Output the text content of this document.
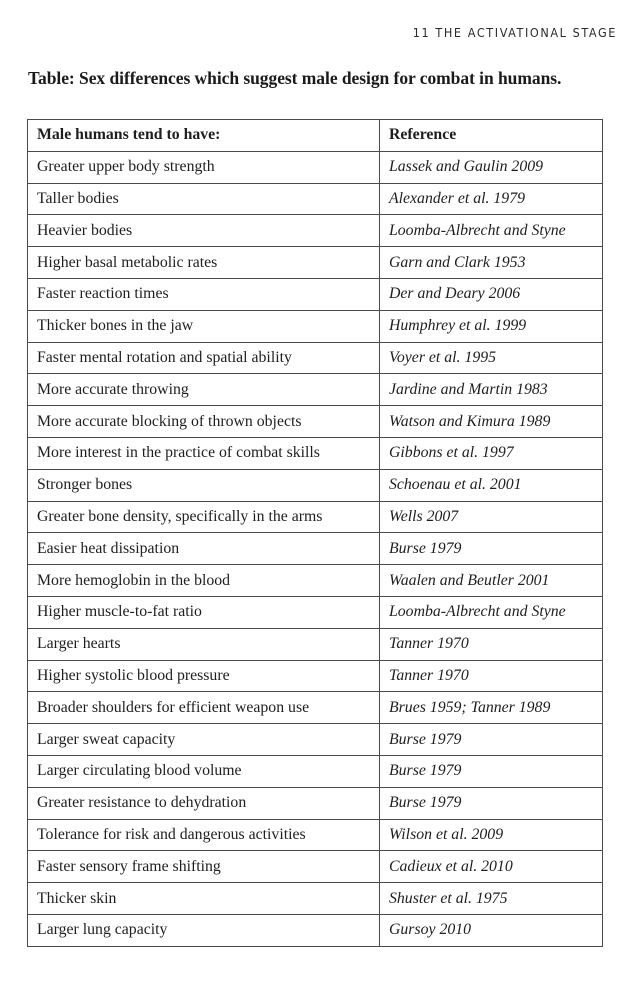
11 THE ACTIVATIONAL STAGE
Table: Sex differences which suggest male design for combat in humans.
Male humans tend to have:	Reference
Greater upper body strength	Lassek and Gaulin 2009
Taller bodies	Alexander et al. 1979
Heavier bodies	Loomba-Albrecht and Styne
Higher basal metabolic rates	Garn and Clark 1953
Faster reaction times	Der and Deary 2006
Thicker bones in the jaw	Humphrey et al. 1999
Faster mental rotation and spatial ability	Voyer et al. 1995
More accurate throwing	Jardine and Martin 1983
More accurate blocking of thrown objects	Watson and Kimura 1989
More interest in the practice of combat skills	Gibbons et al. 1997
Stronger bones	Schoenau et al. 2001
Greater bone density, specifically in the arms	Wells 2007
Easier heat dissipation	Burse 1979
More hemoglobin in the blood	Waalen and Beutler 2001
Higher muscle-to-fat ratio	Loomba-Albrecht and Styne
Larger hearts	Tanner 1970
Higher systolic blood pressure	Tanner 1970
Broader shoulders for efficient weapon use	Brues 1959; Tanner 1989
Larger sweat capacity	Burse 1979
Larger circulating blood volume	Burse 1979
Greater resistance to dehydration	Burse 1979
Tolerance for risk and dangerous activities	Wilson et al. 2009
Faster sensory frame shifting	Cadieux et al. 2010
Thicker skin	Shuster et al. 1975
Larger lung capacity	Gursoy 2010
